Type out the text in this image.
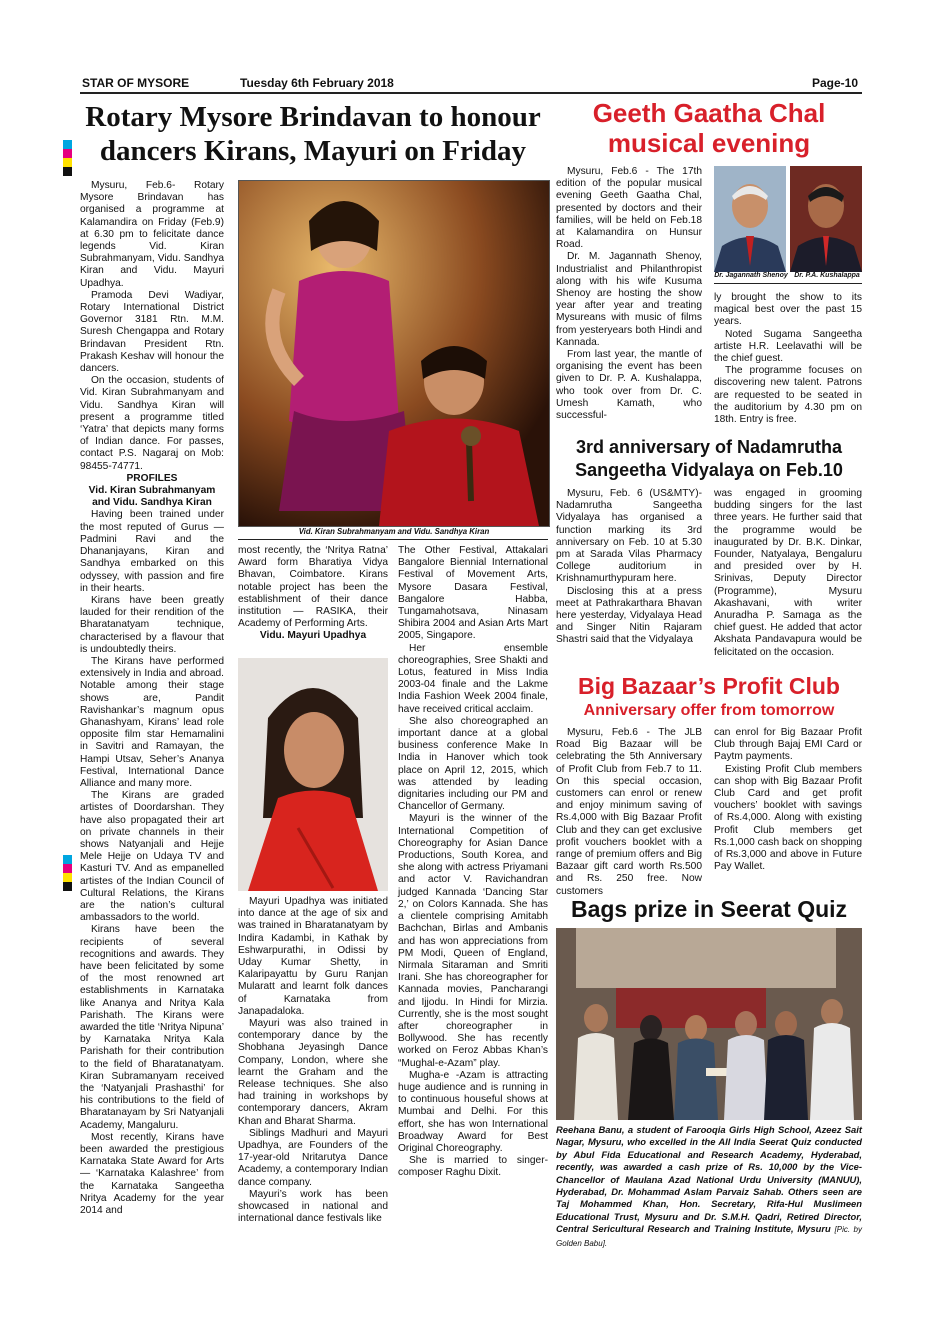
STAR OF MYSORE	Tuesday 6th February 2018	Page-10
Rotary Mysore Brindavan to honour
dancers Kirans, Mayuri on Friday

Mysuru, Feb.6- Rotary Mysore Brindavan has organised a programme at Kalamandira on Friday (Feb.9) at 6.30 pm to felicitate dance legends Vid. Kiran Subrahmanyam, Vidu. Sandhya Kiran and Vidu. Mayuri Upadhya.

Pramoda Devi Wadiyar, Rotary International District Governor 3181 Rtn. M.M. Suresh Chengappa and Rotary Brindavan President Rtn. Prakash Keshav will honour the dancers.

On the occasion, students of Vid. Kiran Subrahmanyam and Vidu. Sandhya Kiran will present a programme titled ‘Yatra’ that depicts many forms of Indian dance. For passes, contact P.S. Nagaraj on Mob: 98455-74771.

PROFILES

Vid. Kiran Subrahmanyam and Vidu. Sandhya Kiran

Having been trained under the most reputed of Gurus — Padmini Ravi and the Dhananjayans, Kiran and Sandhya embarked on this odyssey, with passion and fire in their hearts.

Kirans have been greatly lauded for their rendition of the Bharatanatyam technique, characterised by a flavour that is undoubtedly theirs.

The Kirans have performed extensively in India and abroad. Notable among their stage shows are, Pandit Ravishankar’s magnum opus Ghanashyam, Kirans’ lead role opposite film star Hemamalini in Savitri and Ramayan, the Hampi Utsav, Seher’s Ananya Festival, International Dance Alliance and many more.

The Kirans are graded artistes of Doordarshan. They have also propagated their art on private channels in their shows Natyanjali and Hejje Mele Hejje on Udaya TV and Kasturi TV. And as empanelled artistes of the Indian Council of Cultural Relations, the Kirans are the nation’s cultural ambassadors to the world.

Kirans have been the recipients of several recognitions and awards. They have been felicitated by some of the most renowned art establishments in Karnataka like Ananya and Nritya Kala Parishath. The Kirans were awarded the title ‘Nritya Nipuna’ by Karnataka Nritya Kala Parishath for their contribution to the field of Bharatanatyam. Kiran Subramanyam received the ‘Natyanjali Prashasthi’ for his contributions to the field of Bharatanayam by Sri Natyanjali Academy, Mangaluru.

Most recently, Kirans have been awarded the prestigious Karnataka State Award for Arts — ‘Karnataka Kalashree’ from the Karnataka Sangeetha Nritya Academy for the year 2014 and

Vid. Kiran Subrahmanyam and Vidu. Sandhya Kiran

most recently, the ‘Nritya Ratna’ Award form Bharatiya Vidya Bhavan, Coimbatore. Kirans notable project has been the establishment of their dance institution — RASIKA, their Academy of Performing Arts.

Vidu. Mayuri Upadhya

Mayuri Upadhya was initiated into dance at the age of six and was trained in Bharatanatyam by Indira Kadambi, in Kathak by Eshwarpurathi, in Odissi by Uday Kumar Shetty, in Kalaripayattu by Guru Ranjan Mularatt and learnt folk dances of Karnataka from Janapadaloka.

Mayuri was also trained in contemporary dance by the Shobhana Jeyasingh Dance Company, London, where she learnt the Graham and the Release techniques. She also had training in workshops by contemporary dancers, Akram Khan and Bharat Sharma.

Siblings Madhuri and Mayuri Upadhya, are Founders of the 17-year-old Nritarutya Dance Academy, a contemporary Indian dance company.

Mayuri’s work has been showcased in national and international dance festivals like

The Other Festival, Attakalari Bangalore Biennial International Festival of Movement Arts, Mysore Dasara Festival, Bangalore Habba, Tungamahotsava, Ninasam Shibira 2004 and Asian Arts Mart 2005, Singapore.

Her ensemble choreographies, Sree Shakti and Lotus, featured in Miss India 2003-04 finale and the Lakme India Fashion Week 2004 finale, have received critical acclaim.

She also choreographed an important dance at a global business conference Make In India in Hanover which took place on April 12, 2015, which was attended by leading dignitaries including our PM and Chancellor of Germany.

Mayuri is the winner of the International Competition of Choreography for Asian Dance Productions, South Korea, and she along with actress Priyamani and actor V. Ravichandran judged Kannada ‘Dancing Star 2,’ on Colors Kannada. She has a clientele comprising Amitabh Bachchan, Birlas and Ambanis and has won appreciations from PM Modi, Queen of England, Nirmala Sitaraman and Smriti Irani. She has choreographer for Kannada movies, Pancharangi and Ijjodu. In Hindi for Mirzia. Currently, she is the most sought after choreographer in Bollywood. She has recently worked on Feroz Abbas Khan’s “Mughal-e-Azam” play.

Mugha-e -Azam is attracting huge audience and is running in to continuous houseful shows at Mumbai and Delhi. For this effort, she has won International Broadway Award for Best Original Choreography.

She is married to singer-composer Raghu Dixit.

Geeth Gaatha Chal
musical evening

Mysuru, Feb.6 - The 17th edition of the popular musical evening Geeth Gaatha Chal, presented by doctors and their families, will be held on Feb.18 at Kalamandira on Hunsur Road.

Dr. M. Jagannath Shenoy, Industrialist and Philanthropist along with his wife Kusuma Shenoy are hosting the show year after year and treating Mysureans with music of films from yesteryears both Hindi and Kannada.

From last year, the mantle of organising the event has been given to Dr. P. A. Kushalappa, who took over from Dr. C. Umesh Kamath, who successful-

Dr. Jagannath Shenoy Dr. P.A. Kushalappa

ly brought the show to its magical best over the past 15 years.

Noted Sugama Sangeetha artiste H.R. Leelavathi will be the chief guest.

The programme focuses on discovering new talent. Patrons are requested to be seated in the auditorium by 4.30 pm on 18th. Entry is free.

3rd anniversary of Nadamrutha
Sangeetha Vidyalaya on Feb.10

Mysuru, Feb. 6 (US&MTY)- Nadamrutha Sangeetha Vidyalaya has organised a function marking its 3rd anniversary on Feb. 10 at 5.30 pm at Sarada Vilas Pharmacy College auditorium in Krishnamurthypuram here.

Disclosing this at a press meet at Pathrakarthara Bhavan here yesterday, Vidyalaya Head and Singer Nitin Rajaram Shastri said that the Vidyalaya

was engaged in grooming budding singers for the last three years. He further said that the programme would be inaugurated by Dr. B.K. Dinkar, Founder, Natyalaya, Bengaluru and presided over by H. Srinivas, Deputy Director (Programme), Mysuru Akashavani, with writer Anuradha P. Samaga as the chief guest. He added that actor Akshata Pandavapura would be felicitated on the occasion.

Big Bazaar’s Profit Club
Anniversary offer from tomorrow

Mysuru, Feb.6 - The JLB Road Big Bazaar will be celebrating the 5th Anniversary of Profit Club from Feb.7 to 11. On this special occasion, customers can enrol or renew and enjoy minimum saving of Rs.4,000 with Big Bazaar Profit Club and they can get exclusive profit vouchers booklet with a range of premium offers and Big Bazaar gift card worth Rs.500 and Rs. 250 free. Now customers

can enrol for Big Bazaar Profit Club through Bajaj EMI Card or Paytm payments.

Existing Profit Club members can shop with Big Bazaar Profit Club Card and get profit vouchers’ booklet with savings of Rs.4,000. Along with existing Profit Club members get Rs.1,000 cash back on shopping of Rs.3,000 and above in Future Pay Wallet.

Bags prize in Seerat Quiz
Reehana Banu, a student of Farooqia Girls High School, Azeez Sait Nagar, Mysuru, who excelled in the All India Seerat Quiz conducted by Abul Fida Educational and Research Academy, Hyderabad, recently, was awarded a cash prize of Rs. 10,000 by the Vice-Chancellor of Maulana Azad National Urdu University (MANUU), Hyderabad, Dr. Mohammad Aslam Parvaiz Sahab. Others seen are Taj Mohammed Khan, Hon. Secretary, Rifa-Hul Muslimeen Educational Trust, Mysuru and Dr. S.M.H. Qadri, Retired Director, Central Sericultural Research and Training Institute, Mysuru [Pic. by Golden Babu].
